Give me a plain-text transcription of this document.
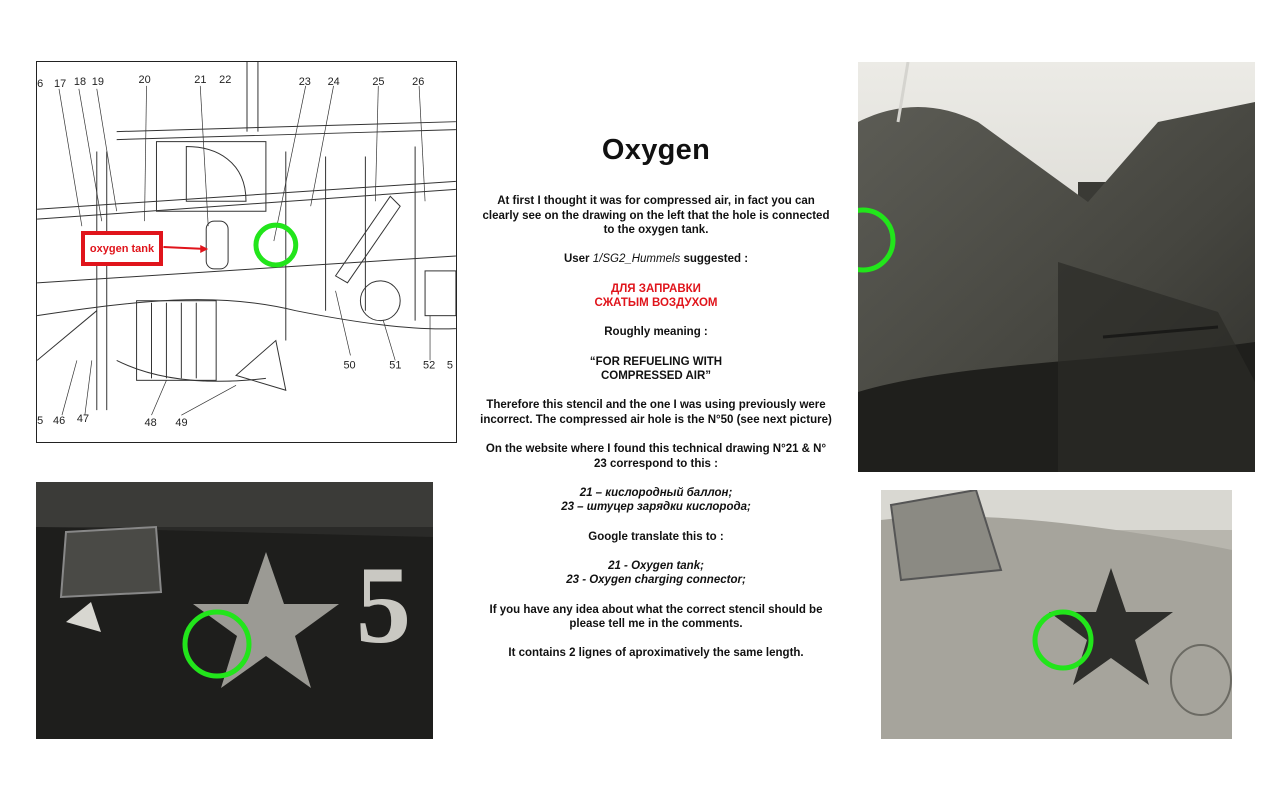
6 17 18 19	20	21 22	23 24	25	26
5 46 47	48 49
50	51 52 5
oxygen tank
Oxygen

At first I thought it was for compressed air, in fact you can clearly see on the drawing on the left that the hole is connected to the oxygen tank.

User 1/SG2_Hummels suggested :

ДЛЯ ЗАПРАВКИ
СЖАТЫМ ВОЗДУХОМ

Roughly meaning :

“FOR REFUELING WITH
COMPRESSED AIR”

Therefore this stencil and the one I was using previously were incorrect. The compressed air hole is the N°50 (see next picture)

On the website where I found this technical drawing N°21 & N° 23 correspond to this :

21 – кислородный баллон;
23 – штуцер зарядки кислорода;

Google translate this to :

21 - Oxygen tank;
23 - Oxygen charging connector;

If you have any idea about what the correct stencil should be please tell me in the comments.

It contains 2 lignes of aproximatively the same length.

5
